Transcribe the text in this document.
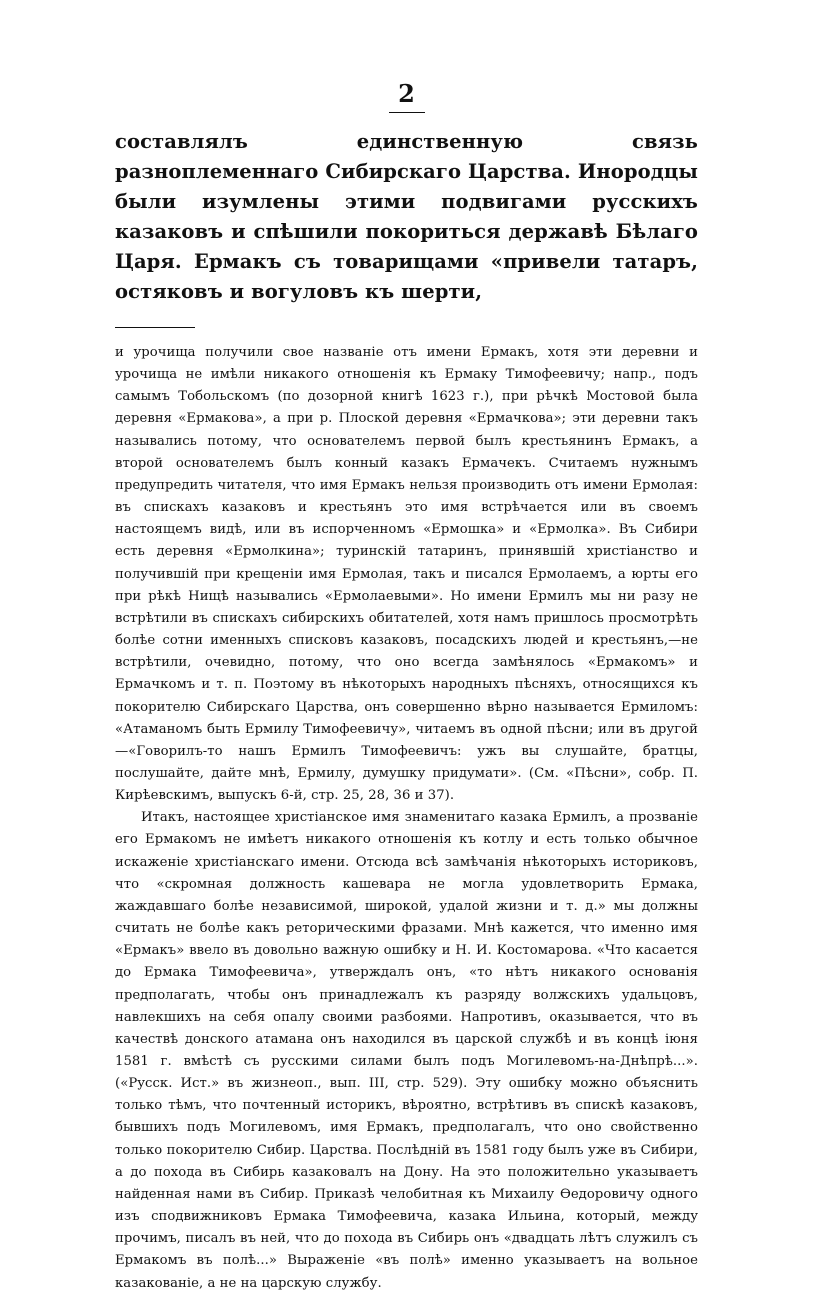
2

составлялъ единственную связь разноплеменнаго Сибирскаго Царства. Инородцы были изумлены этими подвигами русскихъ казаковъ и спѣшили покориться державѣ Бѣлаго Царя. Ермакъ съ товарищами «привели татаръ, остяковъ и вогуловъ къ шерти,

и урочища получили свое названіе отъ имени Ермакъ, хотя эти деревни и урочища не имѣли никакого отношенія къ Ермаку Тимофеевичу; напр., подъ самымъ Тобольскомъ (по дозорной книгѣ 1623 г.), при рѣчкѣ Мостовой была деревня «Ермакова», а при р. Плоской деревня «Ермачкова»; эти деревни такъ назывались потому, что основателемъ первой былъ крестьянинъ Ермакъ, а второй основателемъ былъ конный казакъ Ермачекъ. Считаемъ нужнымъ предупредить читателя, что имя Ермакъ нельзя производить отъ имени Ермолая: въ спискахъ казаковъ и крестьянъ это имя встрѣчается или въ своемъ настоящемъ видѣ, или въ испорченномъ «Ермошка» и «Ермолка». Въ Сибири есть деревня «Ермолкина»; туринскій татаринъ, принявшій христіанство и получившій при крещеніи имя Ермолая, такъ и писался Ермолаемъ, а юрты его при рѣкѣ Нищѣ назывались «Ермолаевыми». Но имени Ермилъ мы ни разу не встрѣтили въ спискахъ сибирскихъ обитателей, хотя намъ пришлось просмотрѣть болѣе сотни именныхъ списковъ казаковъ, посадскихъ людей и крестьянъ,—не встрѣтили, очевидно, потому, что оно всегда замѣнялось «Ермакомъ» и Ермачкомъ и т. п. Поэтому въ нѣкоторыхъ народныхъ пѣсняхъ, относящихся къ покорителю Сибирскаго Царства, онъ совершенно вѣрно называется Ермиломъ: «Атаманомъ быть Ермилу Тимофеевичу», читаемъ въ одной пѣсни; или въ другой—«Говорилъ-то нашъ Ермилъ Тимофеевичъ: ужъ вы слушайте, братцы, послушайте, дайте мнѣ, Ермилу, думушку придумати». (См. «Пѣсни», собр. П. Кирѣевскимъ, выпускъ 6-й, стр. 25, 28, 36 и 37).

Итакъ, настоящее христіанское имя знаменитаго казака Ермилъ, а прозваніе его Ермакомъ не имѣетъ никакого отношенія къ котлу и есть только обычное искаженіе христіанскаго имени. Отсюда всѣ замѣчанія нѣкоторыхъ историковъ, что «скромная должность кашевара не могла удовлетворить Ермака, жаждавшаго болѣе независимой, широкой, удалой жизни и т. д.» мы должны считать не болѣе какъ реторическими фразами. Мнѣ кажется, что именно имя «Ермакъ» ввело въ довольно важную ошибку и Н. И. Костомарова. «Что касается до Ермака Тимофеевича», утверждалъ онъ, «то нѣтъ никакого основанія предполагать, чтобы онъ принадлежалъ къ разряду волжскихъ удальцовъ, навлекшихъ на себя опалу своими разбоями. Напротивъ, оказывается, что въ качествѣ донского атамана онъ находился въ царской службѣ и въ концѣ іюня 1581 г. вмѣстѣ съ русскими силами былъ подъ Могилевомъ-на-Днѣпрѣ...». («Русск. Ист.» въ жизнеоп., вып. III, стр. 529). Эту ошибку можно объяснить только тѣмъ, что почтенный историкъ, вѣроятно, встрѣтивъ въ спискѣ казаковъ, бывшихъ подъ Могилевомъ, имя Ермакъ, предполагалъ, что оно свойственно только покорителю Сибир. Царства. Послѣдній въ 1581 году былъ уже въ Сибири, а до похода въ Сибирь казаковалъ на Дону. На это положительно указываетъ найденная нами въ Сибир. Приказѣ челобитная къ Михаилу Ѳедоровичу одного изъ сподвижниковъ Ермака Тимофеевича, казака Ильина, который, между прочимъ, писалъ въ ней, что до похода въ Сибирь онъ «двадцать лѣтъ служилъ съ Ермакомъ въ полѣ...» Выраженіе «въ полѣ» именно указываетъ на вольное казакованіе, а не на царскую службу.
